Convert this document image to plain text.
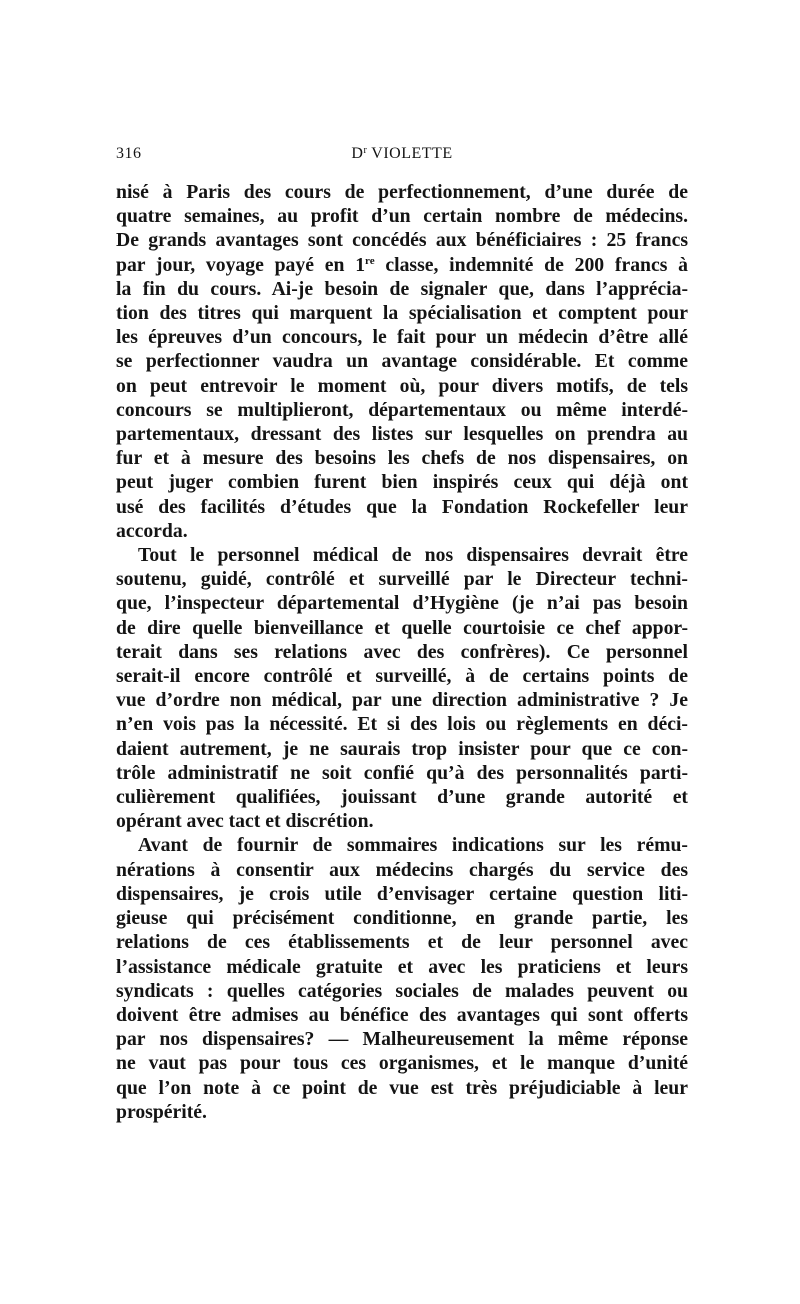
316	$D^r$ VIOLETTE
nisé à Paris des cours de perfectionnement, d’une durée de
quatre semaines, au profit d’un certain nombre de médecins.
De grands avantages sont concédés aux bénéficiaires : 25 francs
par jour, voyage payé en 1re classe, indemnité de 200 francs à
la fin du cours. Ai-je besoin de signaler que, dans l’apprécia-
tion des titres qui marquent la spécialisation et comptent pour
les épreuves d’un concours, le fait pour un médecin d’être allé
se perfectionner vaudra un avantage considérable. Et comme
on peut entrevoir le moment où, pour divers motifs, de tels
concours se multiplieront, départementaux ou même interdé-
partementaux, dressant des listes sur lesquelles on prendra au
fur et à mesure des besoins les chefs de nos dispensaires, on
peut juger combien furent bien inspirés ceux qui déjà ont
usé des facilités d’études que la Fondation Rockefeller leur
accorda.
Tout le personnel médical de nos dispensaires devrait être
soutenu, guidé, contrôlé et surveillé par le Directeur techni-
que, l’inspecteur départemental d’Hygiène (je n’ai pas besoin
de dire quelle bienveillance et quelle courtoisie ce chef appor-
terait dans ses relations avec des confrères). Ce personnel
serait-il encore contrôlé et surveillé, à de certains points de
vue d’ordre non médical, par une direction administrative ? Je
n’en vois pas la nécessité. Et si des lois ou règlements en déci-
daient autrement, je ne saurais trop insister pour que ce con-
trôle administratif ne soit confié qu’à des personnalités parti-
culièrement qualifiées, jouissant d’une grande autorité et
opérant avec tact et discrétion.
Avant de fournir de sommaires indications sur les rému-
nérations à consentir aux médecins chargés du service des
dispensaires, je crois utile d’envisager certaine question liti-
gieuse qui précisément conditionne, en grande partie, les
relations de ces établissements et de leur personnel avec
l’assistance médicale gratuite et avec les praticiens et leurs
syndicats : quelles catégories sociales de malades peuvent ou
doivent être admises au bénéfice des avantages qui sont offerts
par nos dispensaires? — Malheureusement la même réponse
ne vaut pas pour tous ces organismes, et le manque d’unité
que l’on note à ce point de vue est très préjudiciable à leur
prospérité.
